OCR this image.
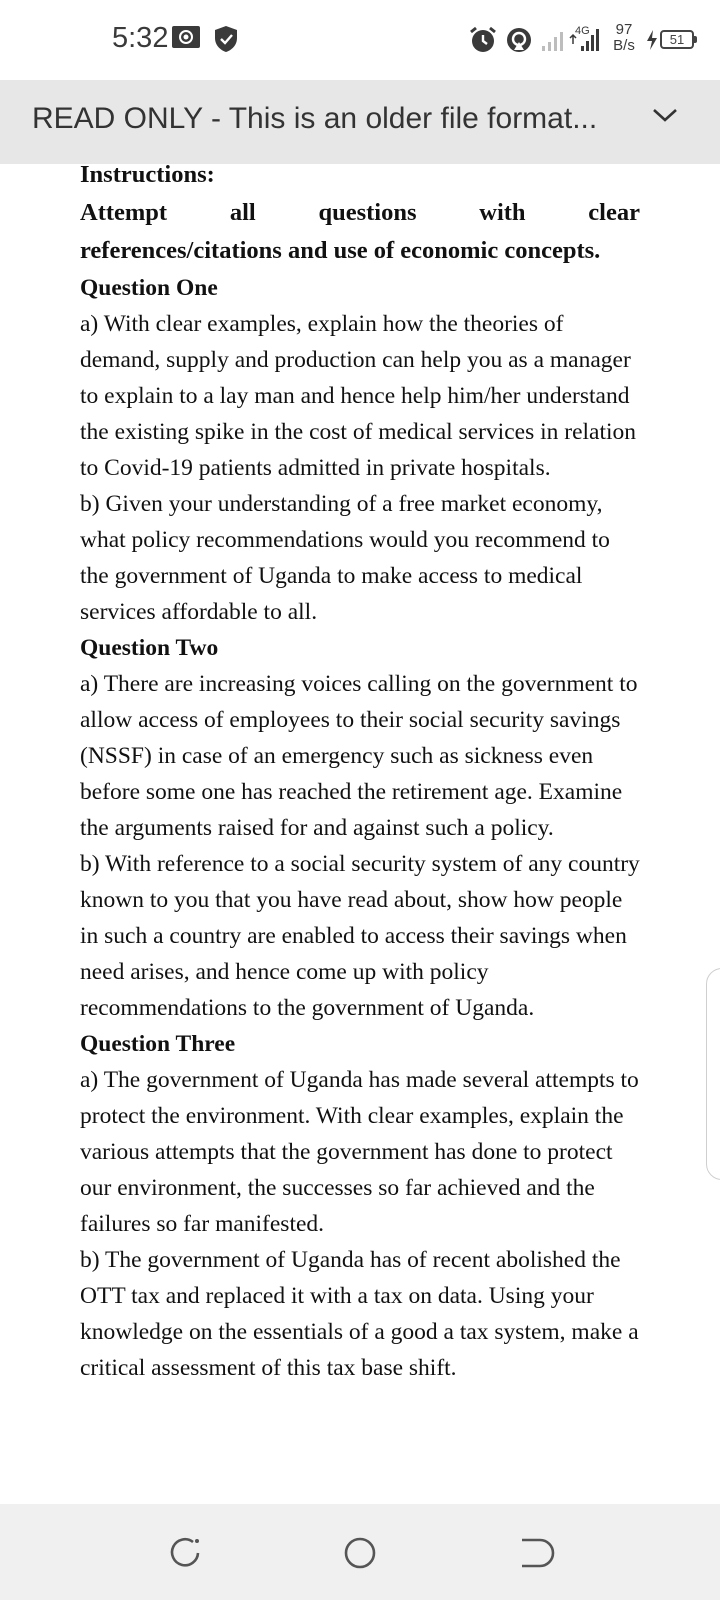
5:32	4G	97
B/s	51
READ ONLY - This is an older file format...

Instructions:

Attempt	all	questions	with	clear

references/citations and use of economic concepts.

Question One

a) With clear examples, explain how the theories of demand, supply and production can help you as a manager to explain to a lay man and hence help him/her understand the existing spike in the cost of medical services in relation to Covid-19 patients admitted in private hospitals.

b) Given your understanding of a free market economy, what policy recommendations would you recommend to the government of Uganda to make access to medical services affordable to all.

Question Two

a) There are increasing voices calling on the government to allow access of employees to their social security savings (NSSF) in case of an emergency such as sickness even before some one has reached the retirement age. Examine the arguments raised for and against such a policy.

b) With reference to a social security system of any country known to you that you have read about, show how people in such a country are enabled to access their savings when need arises, and hence come up with policy recommendations to the government of Uganda.

Question Three

a) The government of Uganda has made several attempts to protect the environment. With clear examples, explain the various attempts that the government has done to protect our environment, the successes so far achieved and the failures so far manifested.

b) The government of Uganda has of recent abolished the OTT tax and replaced it with a tax on data. Using your knowledge on the essentials of a good a tax system, make a critical assessment of this tax base shift.
